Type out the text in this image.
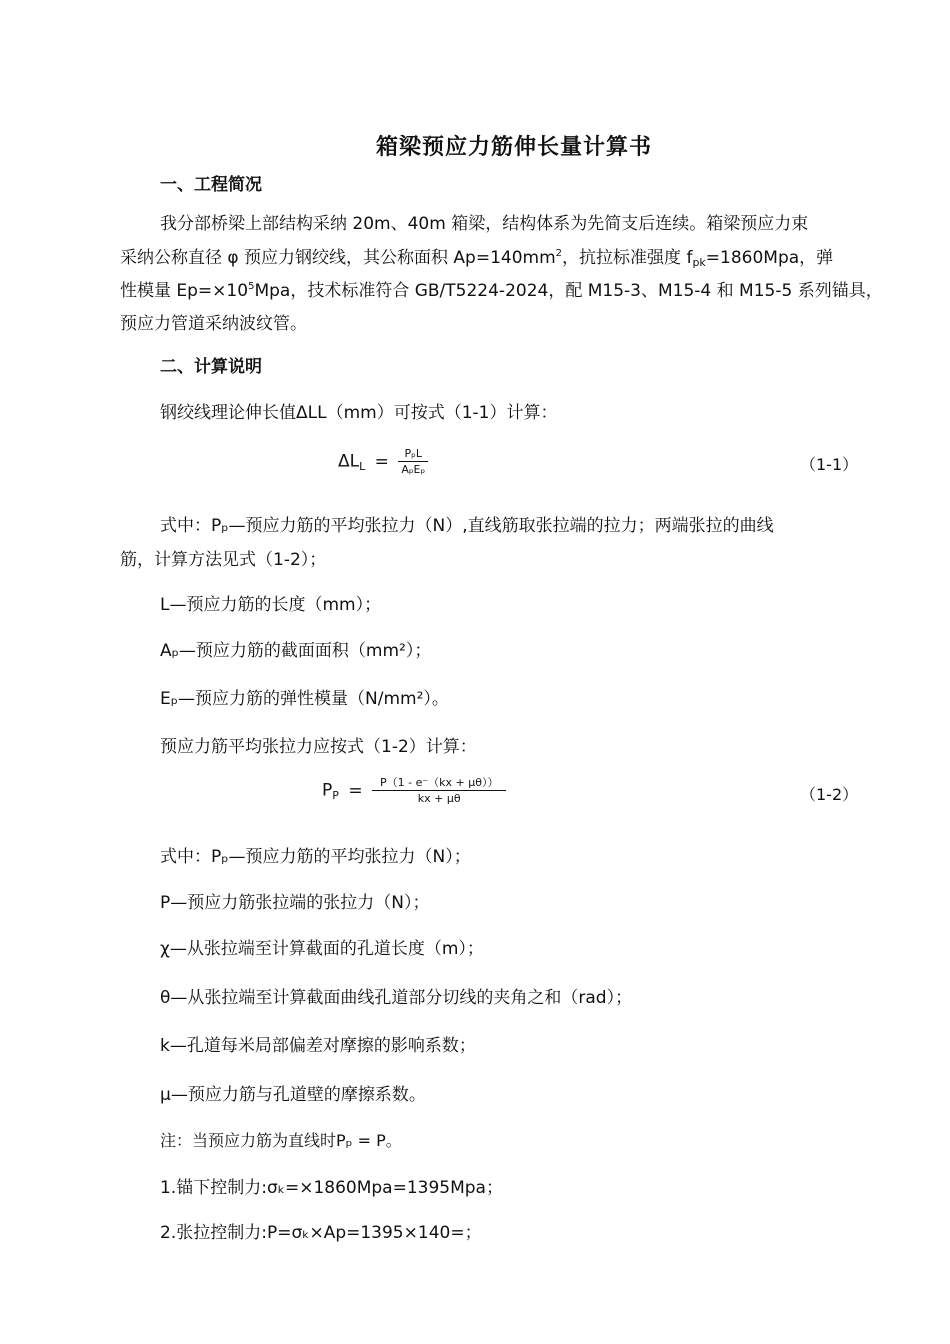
箱梁预应力筋伸长量计算书
一、工程简况
我分部桥梁上部结构采纳 20m、40m 箱梁，结构体系为先简支后连续。箱梁预应力束
采纳公称直径 φ 预应力钢绞线，其公称面积 $Ap=140mm^2$，抗拉标准强度 fpk=1860Mpa，弹
性模量 $Ep=\times 10^5Mpa$，技术标准符合 GB/T5224-2024，配 M15-3、M15-4 和 M15-5 系列锚具，
预应力管道采纳波纹管。
二、计算说明
钢绞线理论伸长值ΔLL（mm）可按式（1-1）计算：
$\Delta LL = \frac{\text{PₚL}}{\text{AₚEₚ}}$	（1-1）
式中：Pₚ—预应力筋的平均张拉力（N）,直线筋取张拉端的拉力；两端张拉的曲线
筋，计算方法见式（1-2）；
L—预应力筋的长度（mm）；
Aₚ—预应力筋的截面面积（mm²）；
Eₚ—预应力筋的弹性模量（N/mm²）。
预应力筋平均张拉力应按式（1-2）计算：
PP = $\frac{P(1 - e^-(kx + \mu\theta))}{kx + \mu\theta}$	（1-2）
式中：Pₚ—预应力筋的平均张拉力（N）；
P—预应力筋张拉端的张拉力（N）；
χ—从张拉端至计算截面的孔道长度（m）；
θ—从张拉端至计算截面曲线孔道部分切线的夹角之和（rad）；
k—孔道每米局部偏差对摩擦的影响系数；
μ—预应力筋与孔道壁的摩擦系数。
注：当预应力筋为直线时Pₚ = P。
1.锚下控制力:σₖ=×1860Mpa=1395Mpa；
2.张拉控制力:P=σₖ×Ap=1395×140=；
